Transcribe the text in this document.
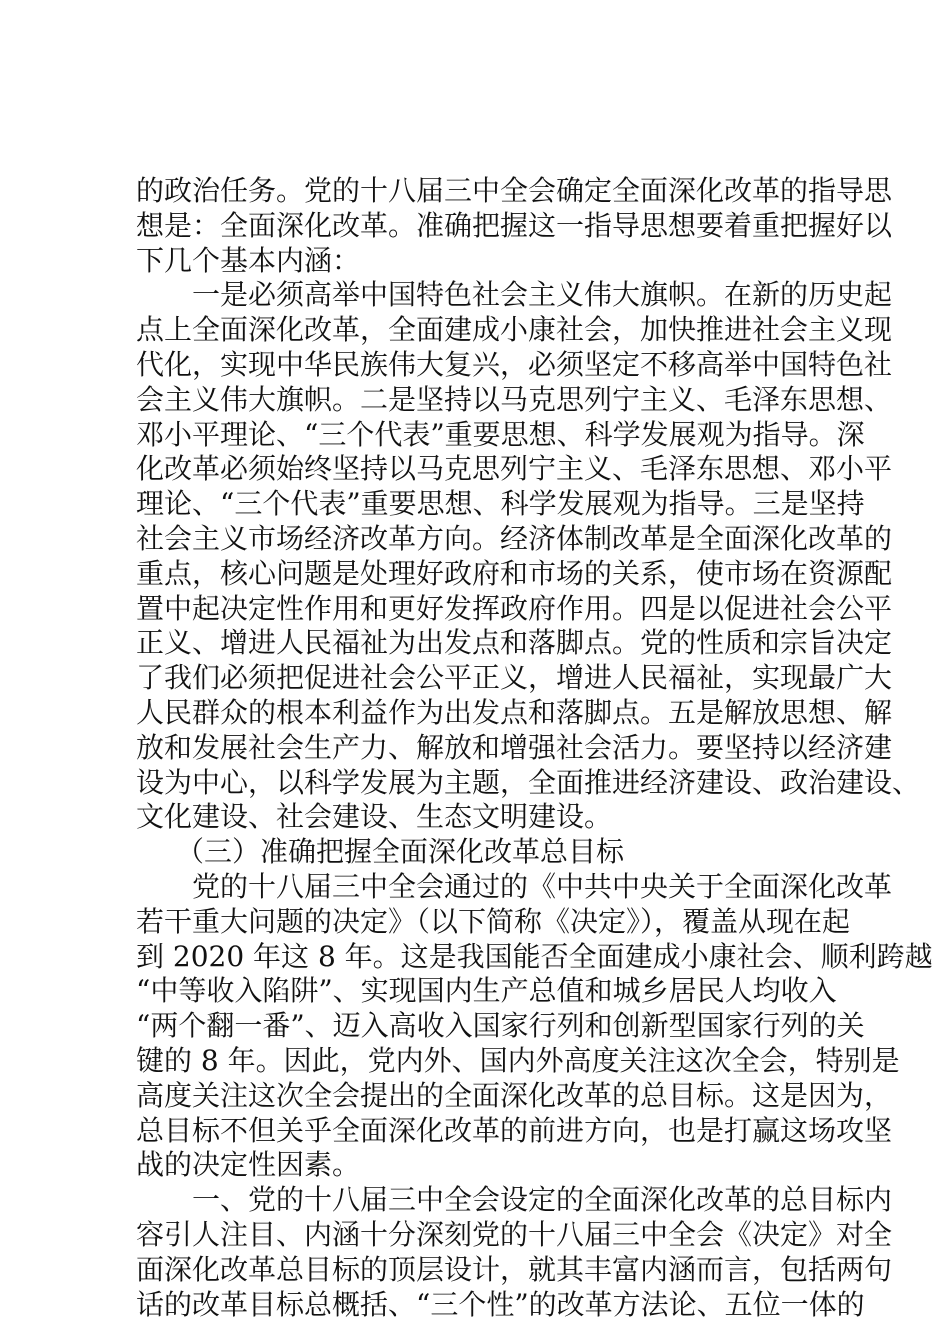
的政治任务。党的十八届三中全会确定全面深化改革的指导思
想是：全面深化改革。准确把握这一指导思想要着重把握好以
下几个基本内涵：
一是必须高举中国特色社会主义伟大旗帜。在新的历史起
点上全面深化改革，全面建成小康社会，加快推进社会主义现
代化，实现中华民族伟大复兴，必须坚定不移高举中国特色社
会主义伟大旗帜。二是坚持以马克思列宁主义、毛泽东思想、
邓小平理论、“三个代表”重要思想、科学发展观为指导。深
化改革必须始终坚持以马克思列宁主义、毛泽东思想、邓小平
理论、“三个代表”重要思想、科学发展观为指导。三是坚持
社会主义市场经济改革方向。经济体制改革是全面深化改革的
重点，核心问题是处理好政府和市场的关系，使市场在资源配
置中起决定性作用和更好发挥政府作用。四是以促进社会公平
正义、增进人民福祉为出发点和落脚点。党的性质和宗旨决定
了我们必须把促进社会公平正义，增进人民福祉，实现最广大
人民群众的根本利益作为出发点和落脚点。五是解放思想、解
放和发展社会生产力、解放和增强社会活力。要坚持以经济建
设为中心，以科学发展为主题，全面推进经济建设、政治建设、
文化建设、社会建设、生态文明建设。
（三）准确把握全面深化改革总目标
党的十八届三中全会通过的《中共中央关于全面深化改革
若干重大问题的决定》（以下简称《决定》），覆盖从现在起
到 2020 年这 8 年。这是我国能否全面建成小康社会、顺利跨越
“中等收入陷阱”、实现国内生产总值和城乡居民人均收入
“两个翻一番”、迈入高收入国家行列和创新型国家行列的关
键的 8 年。因此，党内外、国内外高度关注这次全会，特别是
高度关注这次全会提出的全面深化改革的总目标。这是因为，
总目标不但关乎全面深化改革的前进方向，也是打赢这场攻坚
战的决定性因素。
一、党的十八届三中全会设定的全面深化改革的总目标内
容引人注目、内涵十分深刻党的十八届三中全会《决定》对全
面深化改革总目标的顶层设计，就其丰富内涵而言，包括两句
话的改革目标总概括、“三个性”的改革方法论、五位一体的
